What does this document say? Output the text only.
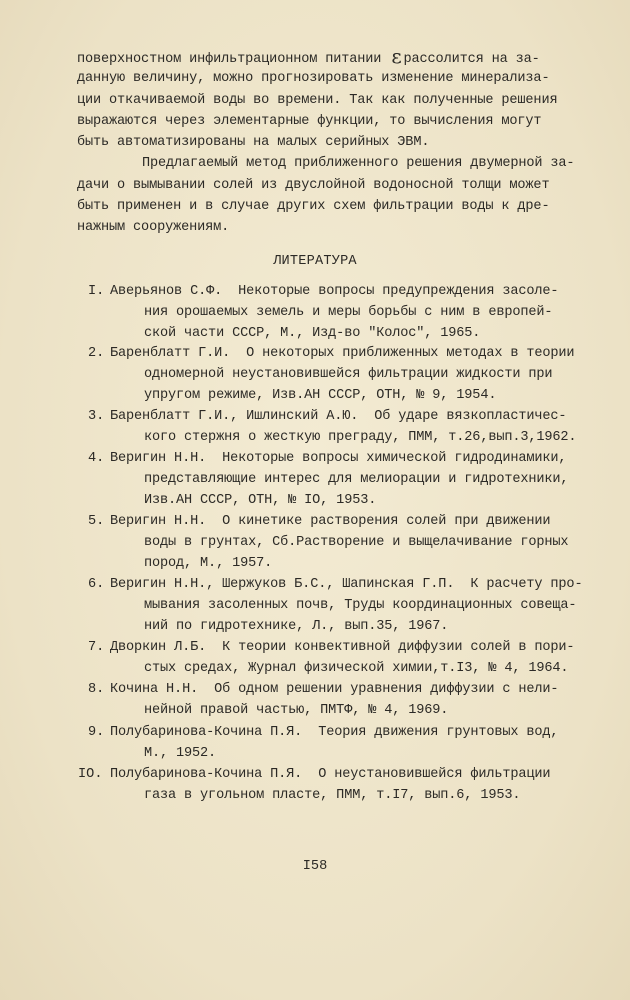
поверхностном инфильтрационном питании ε рассолится на за-
данную величину, можно прогнозировать изменение минерализа-
ции откачиваемой воды во времени. Так как полученные решения
выражаются через элементарные функции, то вычисления могут
быть автоматизированы на малых серийных ЭВМ.
Предлагаемый метод приближенного решения двумерной за-
дачи о вымывании солей из двуслойной водоносной толщи может
быть применен и в случае других схем фильтрации воды к дре-
нажным сооружениям.
ЛИТЕРАТУРА
I. Аверьянов С.Ф.  Некоторые вопросы предупреждения засоле-
ния орошаемых земель и меры борьбы с ним в европей-
ской части СССР, М., Изд-во "Колос", 1965.
2. Баренблатт Г.И.  О некоторых приближенных методах в теории
одномерной неустановившейся фильтрации жидкости при
упругом режиме, Изв.АН СССР, ОТН, № 9, 1954.
3. Баренблатт Г.И., Ишлинский А.Ю.  Об ударе вязкопластичес-
кого стержня о жесткую преграду, ПММ, т.26,вып.3,1962.
4. Веригин Н.Н.  Некоторые вопросы химической гидродинамики,
представляющие интерес для мелиорации и гидротехники,
Изв.АН СССР, ОТН, № IO, 1953.
5. Веригин Н.Н.  О кинетике растворения солей при движении
воды в грунтах, Сб.Растворение и выщелачивание горных
пород, М., 1957.
6. Веригин Н.Н., Шержуков Б.С., Шапинская Г.П.  К расчету про-
мывания засоленных почв, Труды координационных совеща-
ний по гидротехнике, Л., вып.35, 1967.
7. Дворкин Л.Б.  К теории конвективной диффузии солей в пори-
стых средах, Журнал физической химии,т.I3, № 4, 1964.
8. Кочина Н.Н.  Об одном решении уравнения диффузии с нели-
нейной правой частью, ПМТФ, № 4, 1969.
9. Полубаринова-Кочина П.Я.  Теория движения грунтовых вод,
М., 1952.
IO. Полубаринова-Кочина П.Я.  О неустановившейся фильтрации
газа в угольном пласте, ПММ, т.I7, вып.6, 1953.
I58
